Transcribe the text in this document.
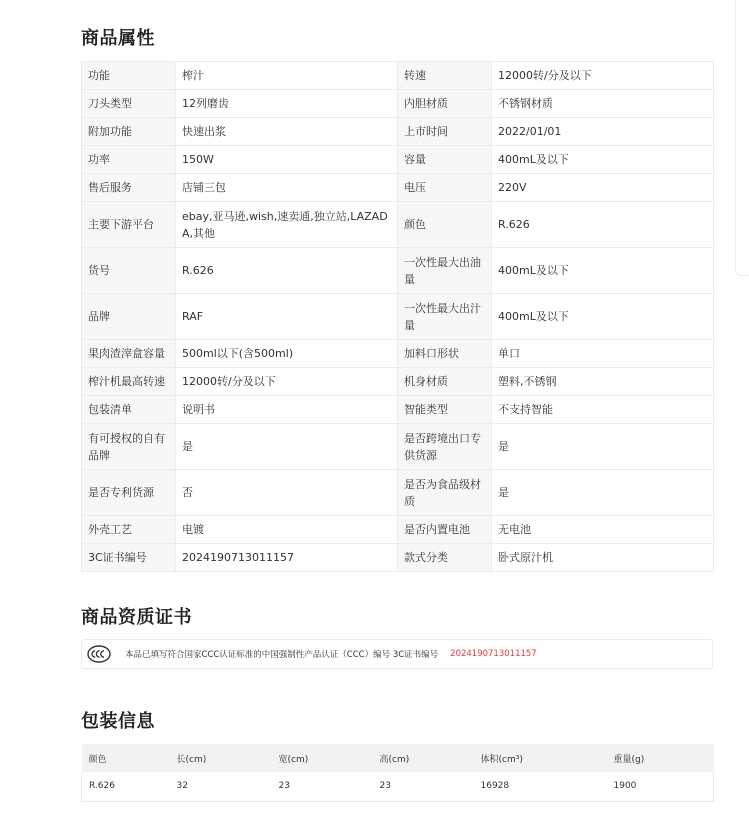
商品属性
功能	榨汁	转速	12000转/分及以下
刀头类型	12列磨齿	内胆材质	不锈钢材质
附加功能	快速出浆	上市时间	2022/01/01
功率	150W	容量	400mL及以下
售后服务	店铺三包	电压	220V
主要下游平台	ebay,亚马逊,wish,速卖通,独立站,LAZADA,其他	颜色	R.626
货号	R.626	一次性最大出油量	400mL及以下
品牌	RAF	一次性最大出汁量	400mL及以下
果肉渣滓盒容量	500ml以下(含500ml)	加料口形状	单口
榨汁机最高转速	12000转/分及以下	机身材质	塑料,不锈钢
包装清单	说明书	智能类型	不支持智能
有可授权的自有品牌	是	是否跨境出口专供货源	是
是否专利货源	否	是否为食品级材质	是
外壳工艺	电镀	是否内置电池	无电池
3C证书编号	2024190713011157	款式分类	卧式原汁机
商品资质证书
本品已填写符合国家CCC认证标准的中国强制性产品认证（CCC）编号 3C证书编号 2024190713011157
包装信息
颜色	长(cm)	宽(cm)	高(cm)	体积(cm³)	重量(g)
R.626	32	23	23	16928	1900
